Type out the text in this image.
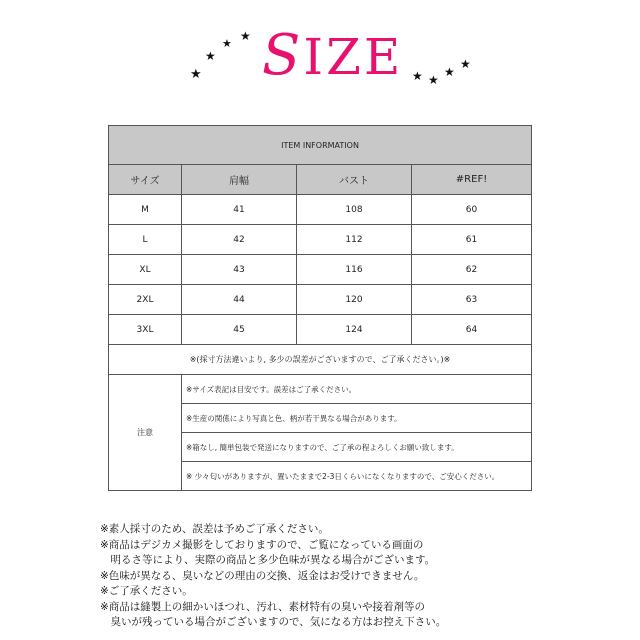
★
★
★
★ SIZE ★ ★
★
★
ITEM INFORMATION			
サイズ	肩幅	バスト	#REF!
M	41	108	60
L	42	112	61
XL	43	116	62
2XL	44	120	63
3XL	45	124	64
※(採寸方法違いより, 多少の誤差がございますので、ご了承ください。)※			
注意	※サイズ表記は目安です。誤差はご了承ください。		
	※生産の関係により写真と色、柄が若干異なる場合があります。		
	※箱なし, 簡単包装で発送になりますので、ご了承の程よろしくお願い致します。		
	※ 少々匂いがありますが、置いたままで2-3日くらいになくなりますので、ご安心ください。		
※素人採寸のため、誤差は予めご了承ください。
※商品はデジカメ撮影をしておりますので、ご覧になっている画面の
　明るさ等により、実際の商品と多少色味が異なる場合がございます。
※色味が異なる、臭いなどの理由の交換、返金はお受けできません。
※ご了承ください。
※商品は縫製上の細かいほつれ、汚れ、素材特有の臭いや接着剤等の
　臭いが残っている場合がございますので、気になる方はお控え下さい。
